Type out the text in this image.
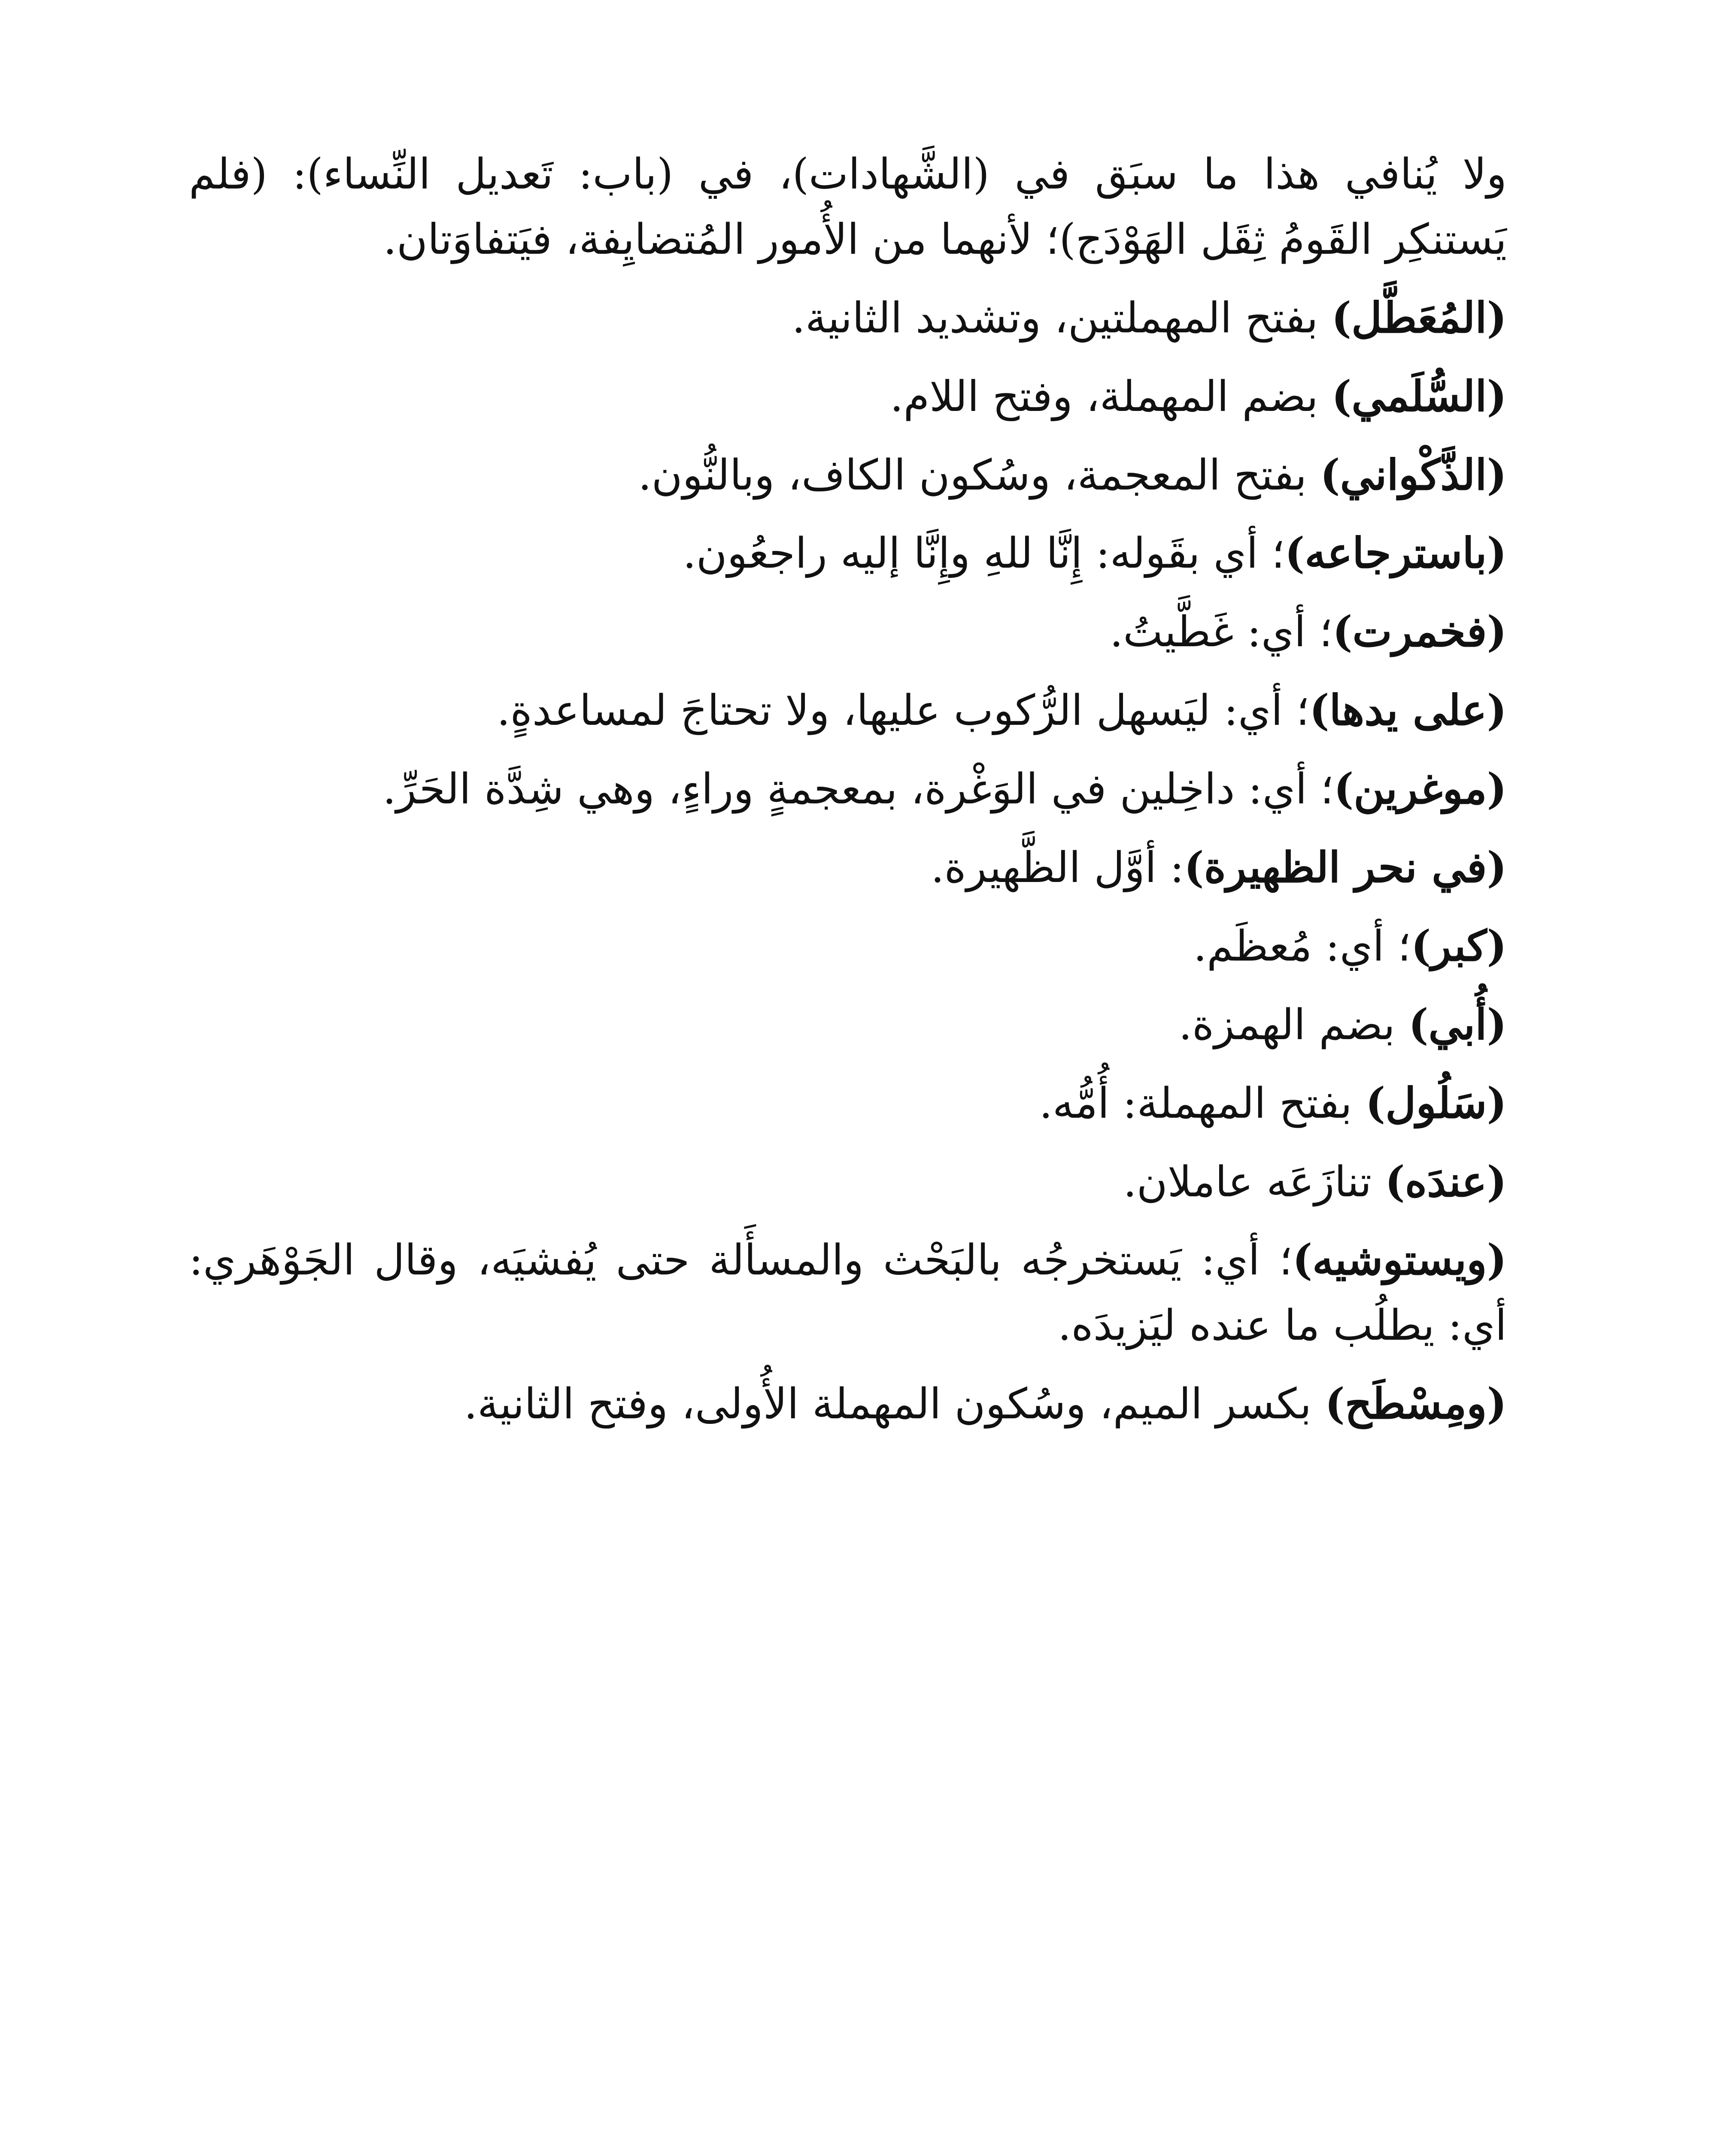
ولا يُنافي هذا ما سبَق في (الشَّهادات)، في (باب: تَعديل النِّساء): (فلم يَستنكِر القَومُ ثِقَل الهَوْدَج)؛ لأنهما من الأُمور المُتضايِفة، فيَتفاوَتان.

(المُعَطَّل) بفتح المهملتين، وتشديد الثانية.

(السُّلَمي) بضم المهملة، وفتح اللام.

(الذَّكْواني) بفتح المعجمة، وسُكون الكاف، وبالنُّون.

(باسترجاعه)؛ أي بقَوله: إِنَّا للهِ وإِنَّا إليه راجعُون.

(فخمرت)؛ أي: غَطَّيتُ.

(على يدها)؛ أي: ليَسهل الرُّكوب عليها، ولا تحتاجَ لمساعدةٍ.

(موغرين)؛ أي: داخِلين في الوَغْرة، بمعجمةٍ وراءٍ، وهي شِدَّة الحَرِّ.

(في نحر الظهيرة): أوَّل الظَّهيرة.

(كبر)؛ أي: مُعظَم.

(أُبي) بضم الهمزة.

(سَلُول) بفتح المهملة: أُمُّه.

(عندَه) تنازَعَه عاملان.

(ويستوشيه)؛ أي: يَستخرجُه بالبَحْث والمسأَلة حتى يُفشيَه، وقال الجَوْهَري: أي: يطلُب ما عنده ليَزيدَه.

(ومِسْطَح) بكسر الميم، وسُكون المهملة الأُولى، وفتح الثانية.
